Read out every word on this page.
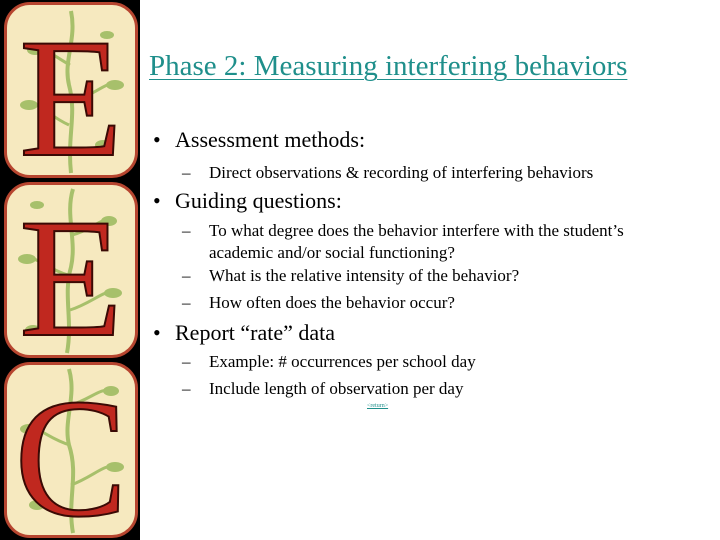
E
E
C
Phase 2: Measuring interfering behaviors
• Assessment methods:
– Direct observations & recording of interfering behaviors
• Guiding questions:
– To what degree does the behavior interfere with the student’s academic and/or social functioning?
– What is the relative intensity of the behavior?
– How often does the behavior occur?
• Report “rate” data
– Example: # occurrences per school day
– Include length of observation per day
<return>
